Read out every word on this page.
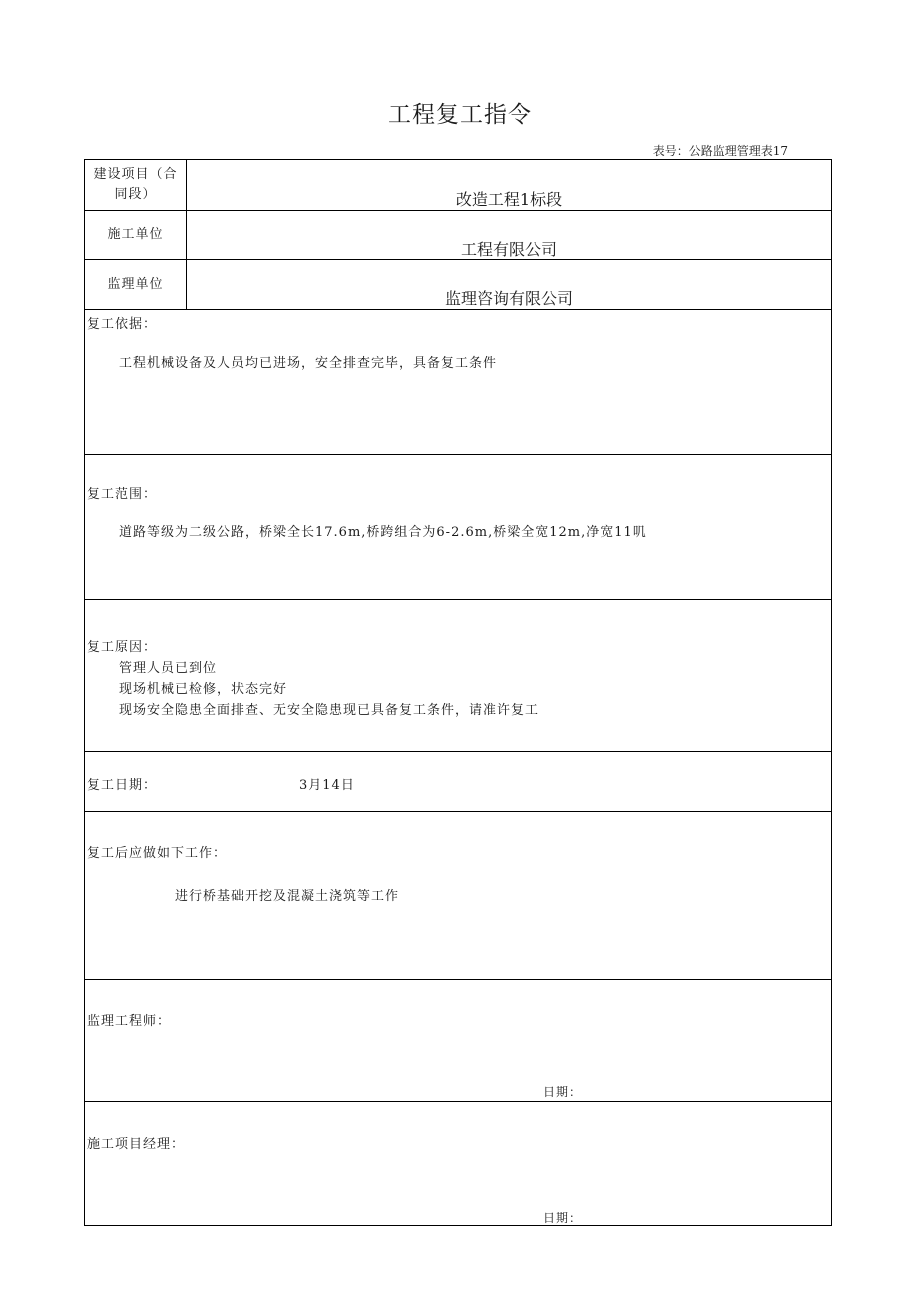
工程复工指令
表号：公路监理管理表17
建设项目（合同段）	改造工程1标段
施工单位
工程有限公司
监理单位
监理咨询有限公司
复工依据：
工程机械设备及人员均已进场，安全排查完毕，具备复工条件
复工范围：
道路等级为二级公路，桥梁全长17.6m,桥跨组合为6-2.6m,桥梁全宽12m,净宽11叽
复工原因：
管理人员已到位
现场机械已检修，状态完好
现场安全隐患全面排查、无安全隐患现已具备复工条件，请准许复工
复工日期：	3月14日
复工后应做如下工作：
进行桥基础开挖及混凝土浇筑等工作
监理工程师：
日期：
施工项目经理：
日期：
